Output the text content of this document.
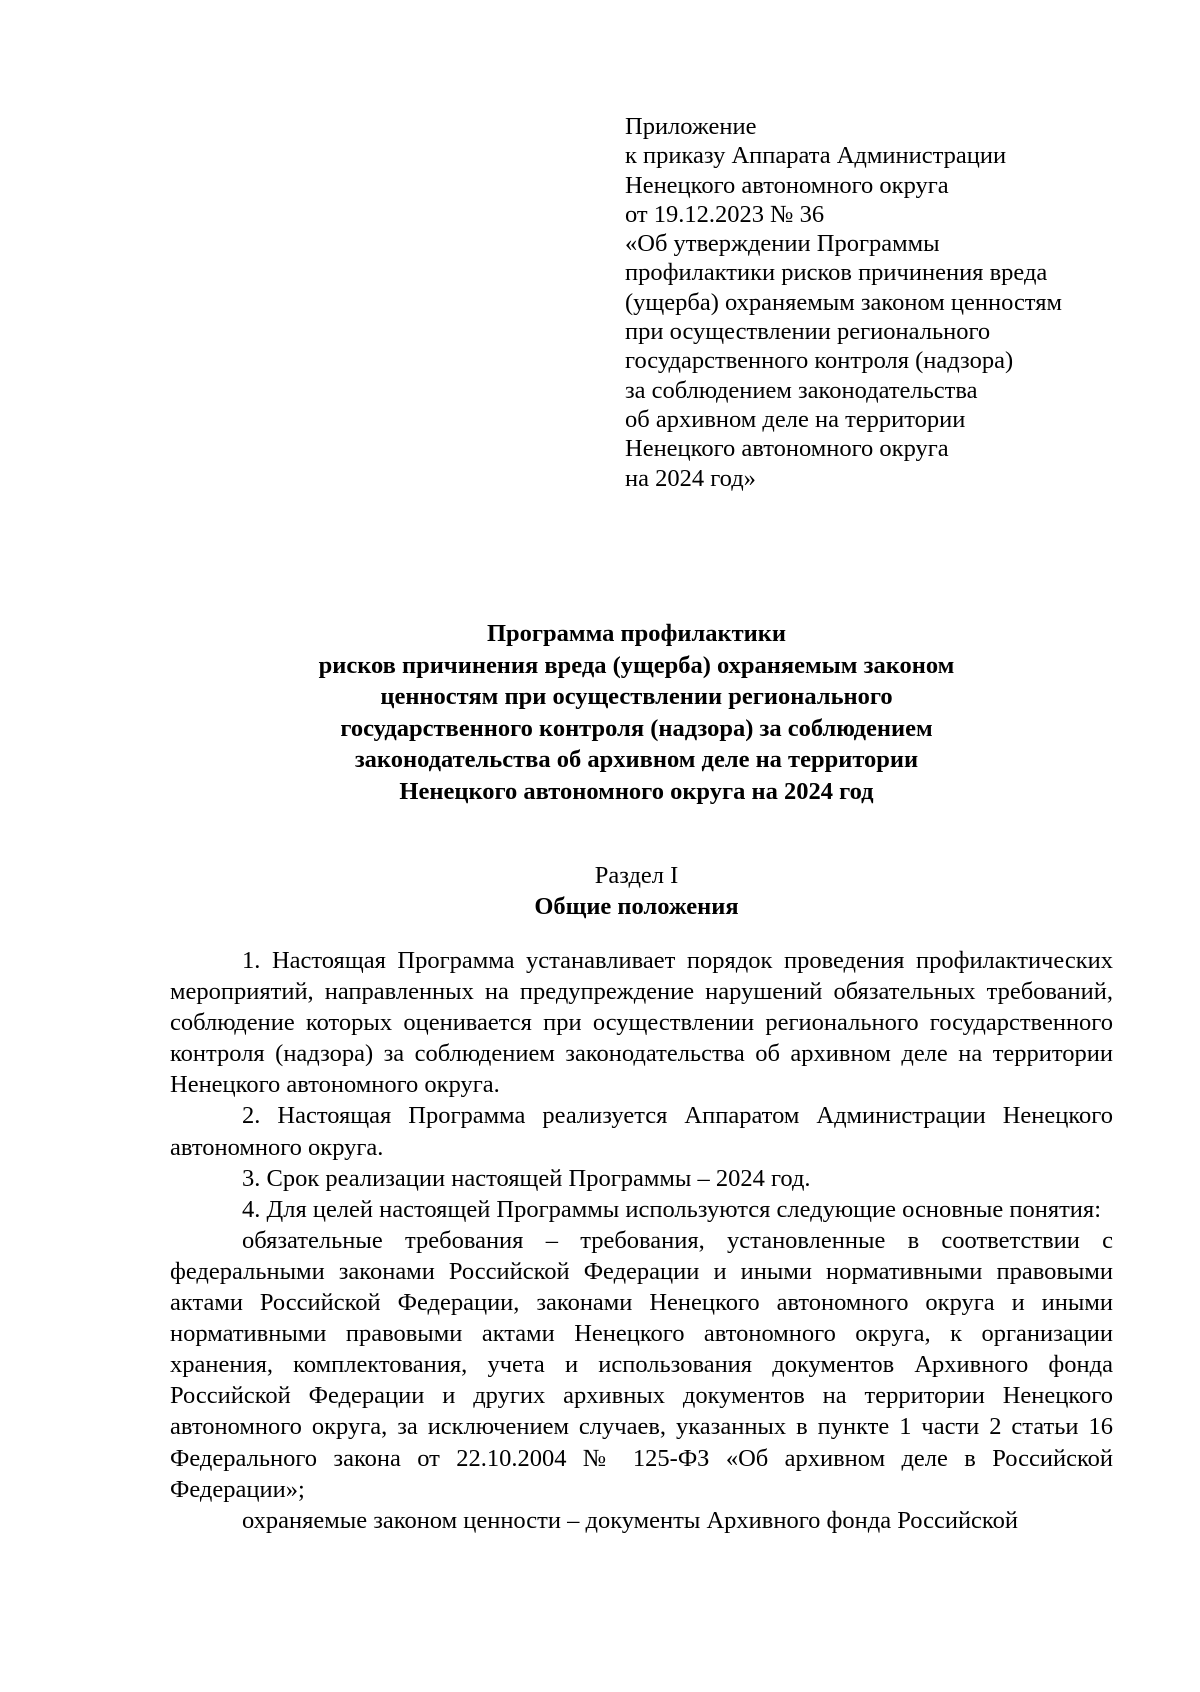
Приложение
к приказу Аппарата Администрации
Ненецкого автономного округа
от 19.12.2023 № 36
«Об утверждении Программы
профилактики рисков причинения вреда
(ущерба) охраняемым законом ценностям
при осуществлении регионального
государственного контроля (надзора)
за соблюдением законодательства
об архивном деле на территории
Ненецкого автономного округа
на 2024 год»
Программа профилактики
рисков причинения вреда (ущерба) охраняемым законом
ценностям при осуществлении регионального
государственного контроля (надзора) за соблюдением
законодательства об архивном деле на территории
Ненецкого автономного округа на 2024 год
Раздел I
Общие положения

1. Настоящая Программа устанавливает порядок проведения профилактических мероприятий, направленных на предупреждение нарушений обязательных требований, соблюдение которых оценивается при осуществлении регионального государственного контроля (надзора) за соблюдением законодательства об архивном деле на территории Ненецкого автономного округа.

2. Настоящая Программа реализуется Аппаратом Администрации Ненецкого автономного округа.

3. Срок реализации настоящей Программы – 2024 год.

4. Для целей настоящей Программы используются следующие основные понятия:

обязательные требования – требования, установленные в соответствии с федеральными законами Российской Федерации и иными нормативными правовыми актами Российской Федерации, законами Ненецкого автономного округа и иными нормативными правовыми актами Ненецкого автономного округа, к организации хранения, комплектования, учета и использования документов Архивного фонда Российской Федерации и других архивных документов на территории Ненецкого автономного округа, за исключением случаев, указанных в пункте 1 части 2 статьи 16 Федерального закона от 22.10.2004 № 125-ФЗ «Об архивном деле в Российской Федерации»;

охраняемые законом ценности – документы Архивного фонда Российской
